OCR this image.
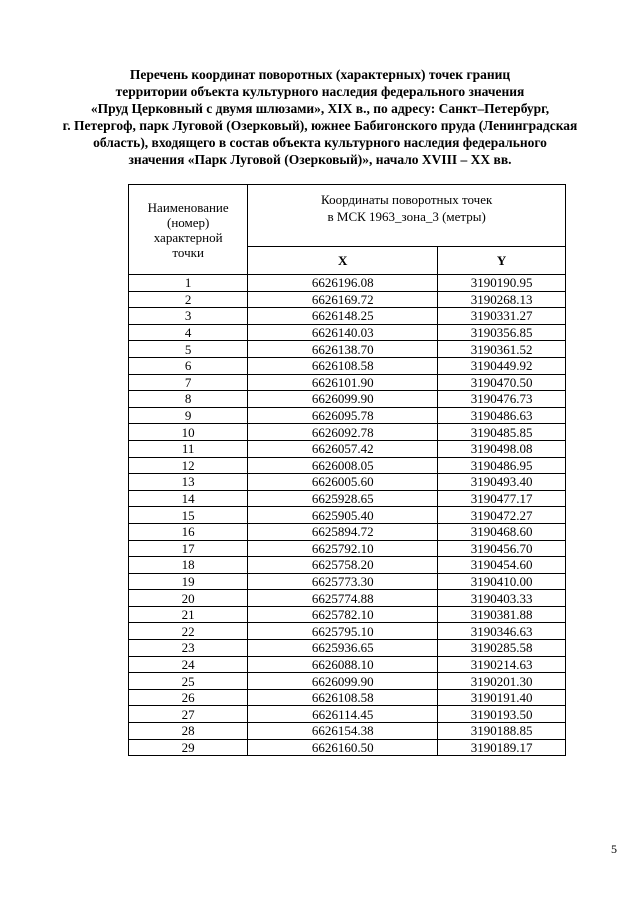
Перечень координат поворотных (характерных) точек границ
территории объекта культурного наследия федерального значения
«Пруд Церковный с двумя шлюзами», XIX в., по адресу: Санкт–Петербург,
г. Петергоф, парк Луговой (Озерковый), южнее Бабигонского пруда (Ленинградская
область), входящего в состав объекта культурного наследия федерального
значения «Парк Луговой (Озерковый)», начало XVIII – XX вв.
Наименование
(номер)
характерной
точки	Координаты поворотных точек
в МСК 1963_зона_3 (метры)	
	X	Y
1	6626196.08	3190190.95
2	6626169.72	3190268.13
3	6626148.25	3190331.27
4	6626140.03	3190356.85
5	6626138.70	3190361.52
6	6626108.58	3190449.92
7	6626101.90	3190470.50
8	6626099.90	3190476.73
9	6626095.78	3190486.63
10	6626092.78	3190485.85
11	6626057.42	3190498.08
12	6626008.05	3190486.95
13	6626005.60	3190493.40
14	6625928.65	3190477.17
15	6625905.40	3190472.27
16	6625894.72	3190468.60
17	6625792.10	3190456.70
18	6625758.20	3190454.60
19	6625773.30	3190410.00
20	6625774.88	3190403.33
21	6625782.10	3190381.88
22	6625795.10	3190346.63
23	6625936.65	3190285.58
24	6626088.10	3190214.63
25	6626099.90	3190201.30
26	6626108.58	3190191.40
27	6626114.45	3190193.50
28	6626154.38	3190188.85
29	6626160.50	3190189.17
5
